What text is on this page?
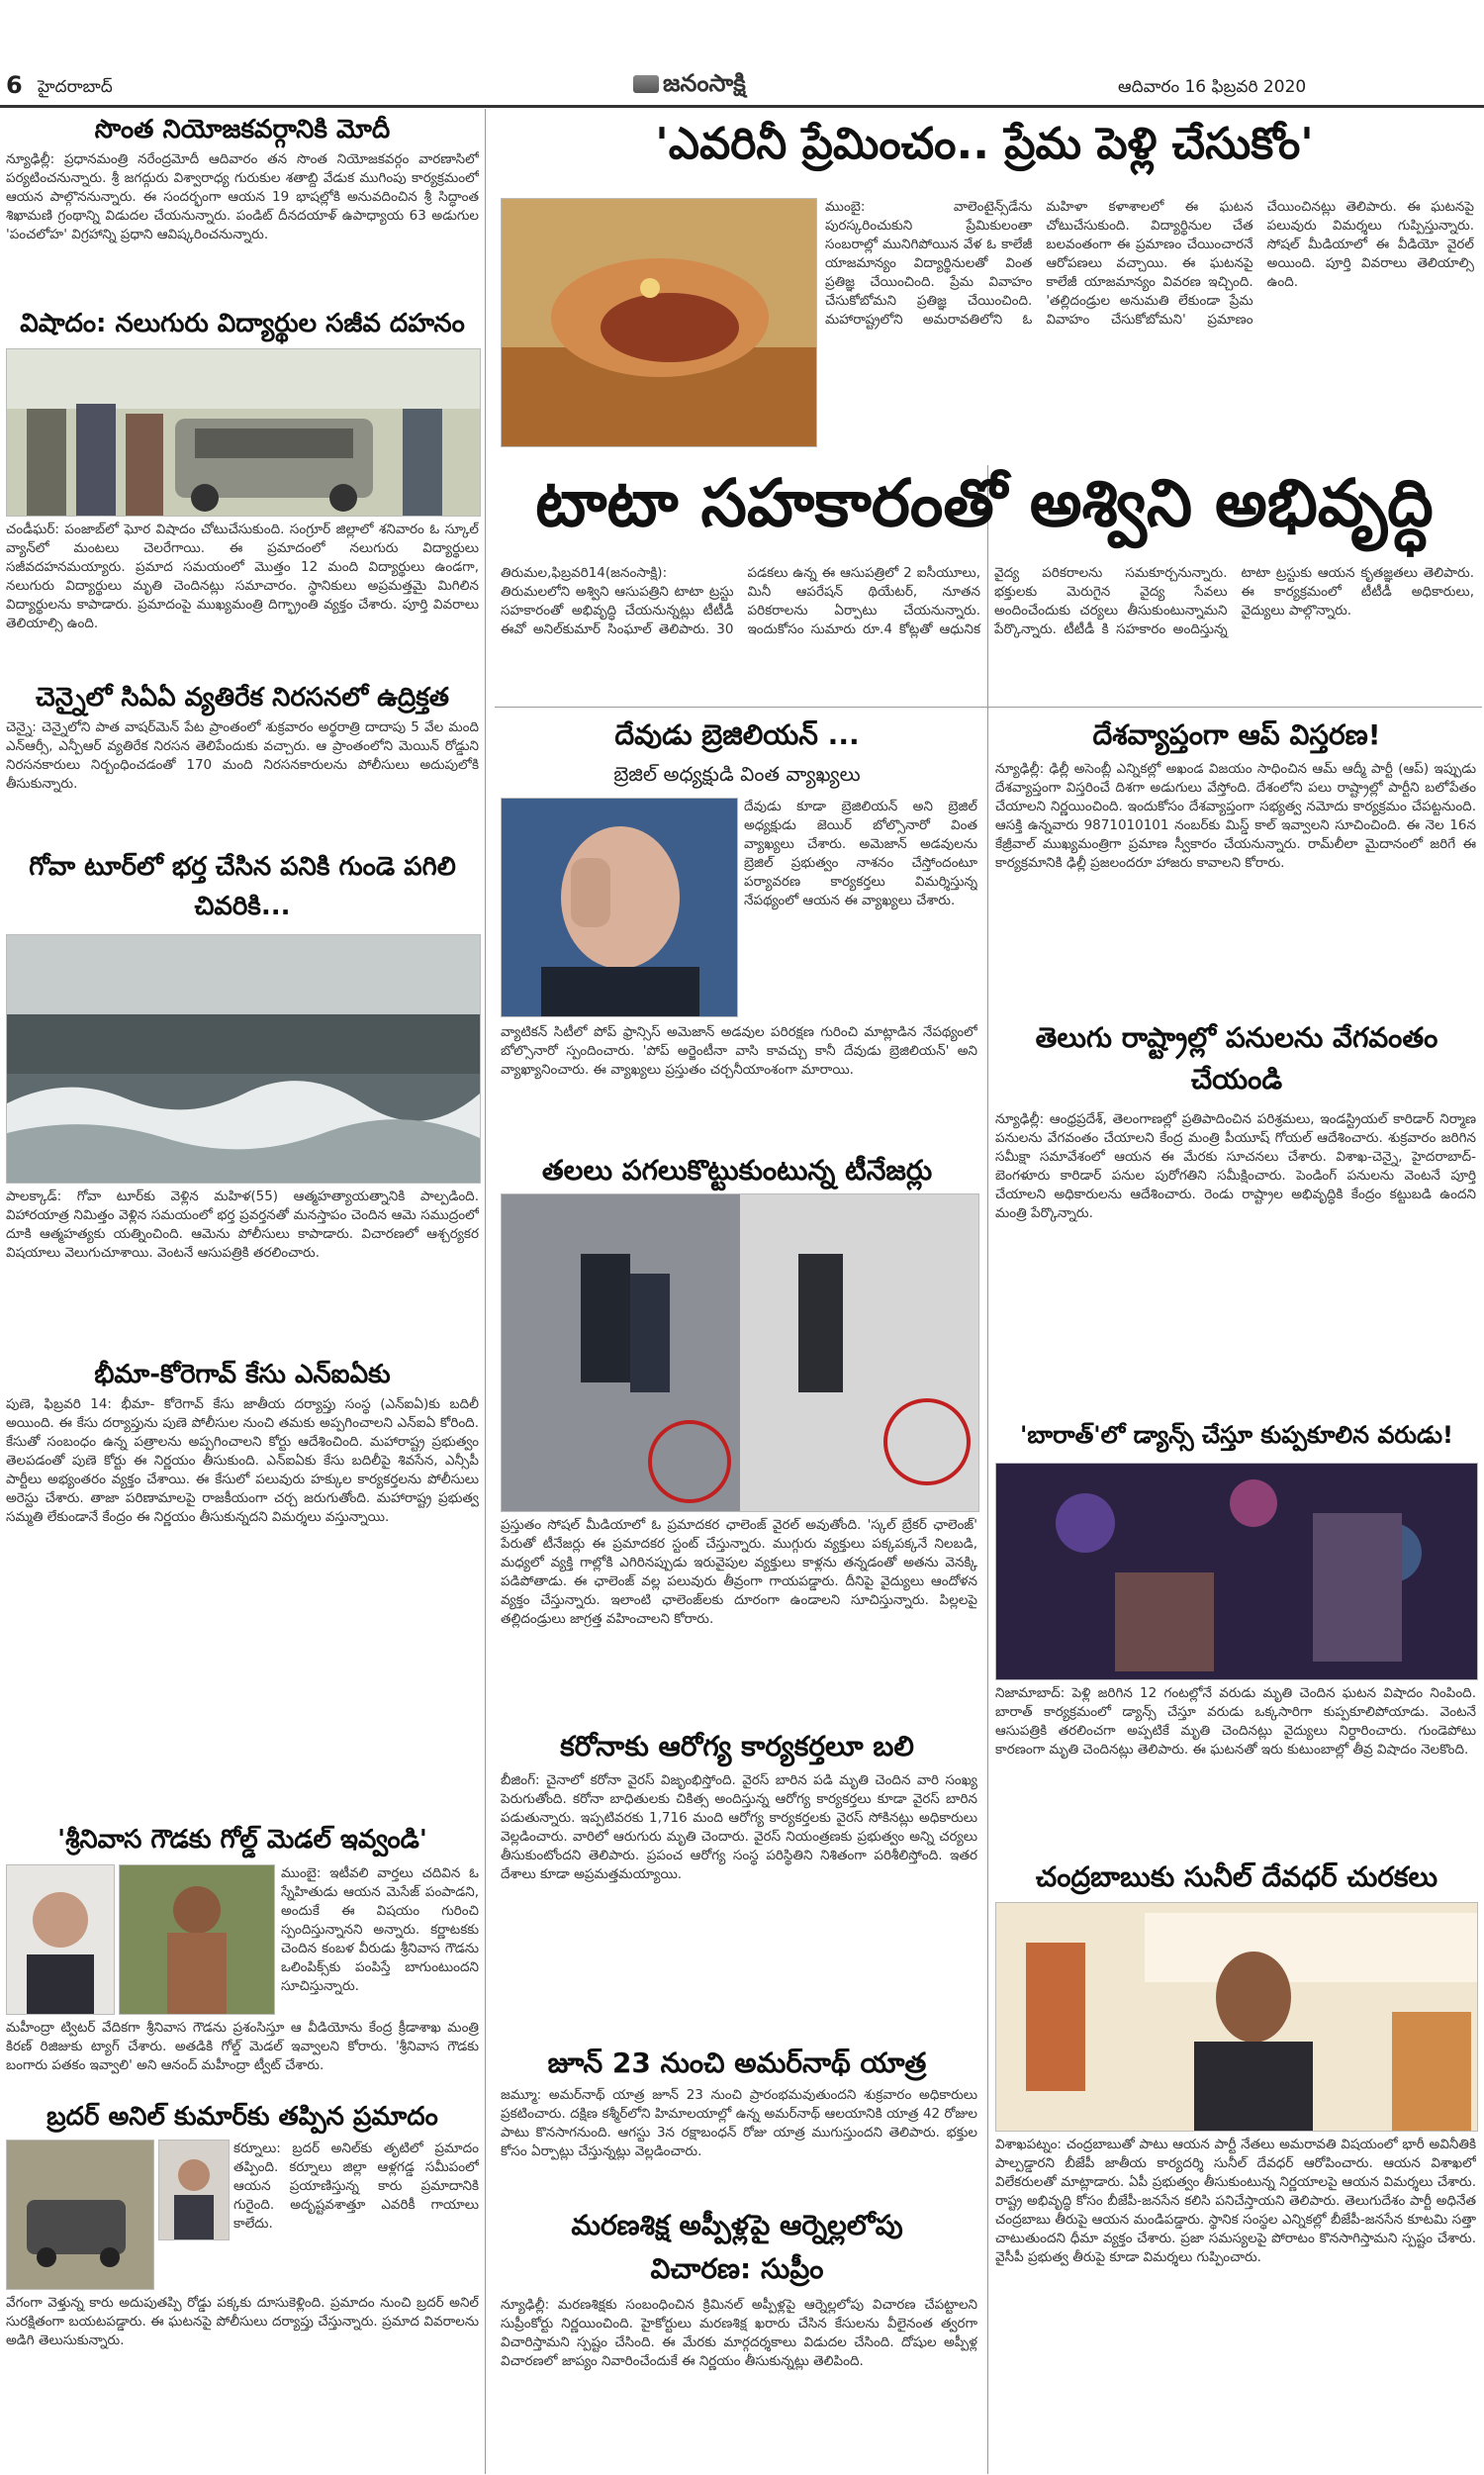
6 హైదరాబాద్	జనంసాక్షి	ఆదివారం 16 ఫిబ్రవరి 2020
సొంత నియోజకవర్గానికి మోదీ
న్యూఢిల్లీ: ప్రధానమంత్రి నరేంద్రమోదీ ఆదివారం తన సొంత నియోజకవర్గం వారణాసిలో పర్యటించనున్నారు. శ్రీ జగద్గురు విశ్వారాధ్య గురుకుల శతాబ్ది వేడుక ముగింపు కార్యక్రమంలో ఆయన పాల్గొననున్నారు. ఈ సందర్భంగా ఆయన 19 భాషల్లోకి అనువదించిన శ్రీ సిద్ధాంత శిఖామణి గ్రంథాన్ని విడుదల చేయనున్నారు. పండిట్ దీనదయాళ్ ఉపాధ్యాయ 63 అడుగుల 'పంచలోహ' విగ్రహాన్ని ప్రధాని ఆవిష్కరించనున్నారు.
విషాదం: నలుగురు విద్యార్థుల సజీవ దహనం
చండీఘర్: పంజాబ్‌లో ఘోర విషాదం చోటుచేసుకుంది. సంగ్రూర్ జిల్లాలో శనివారం ఓ స్కూల్ వ్యాన్‌లో మంటలు చెలరేగాయి. ఈ ప్రమాదంలో నలుగురు విద్యార్థులు సజీవదహనమయ్యారు. ప్రమాద సమయంలో మొత్తం 12 మంది విద్యార్థులు ఉండగా, నలుగురు విద్యార్థులు మృతి చెందినట్లు సమాచారం. స్థానికులు అప్రమత్తమై మిగిలిన విద్యార్థులను కాపాడారు. ప్రమాదంపై ముఖ్యమంత్రి దిగ్భ్రాంతి వ్యక్తం చేశారు. పూర్తి వివరాలు తెలియాల్సి ఉంది.
చెన్నైలో సిఏఏ వ్యతిరేక నిరసనలో ఉద్రిక్తత
చెన్నై: చెన్నైలోని పాత వాషర్‌మెన్ పేట ప్రాంతంలో శుక్రవారం అర్థరాత్రి దాదాపు 5 వేల మంది ఎన్ఆర్సీ, ఎన్పీఆర్ వ్యతిరేక నిరసన తెలిపేందుకు వచ్చారు. ఆ ప్రాంతంలోని మెయిన్ రోడ్డుని నిరసనకారులు నిర్బంధించడంతో 170 మంది నిరసనకారులను పోలీసులు అదుపులోకి తీసుకున్నారు.
గోవా టూర్‌లో భర్త చేసిన పనికి గుండె పగిలి చివరికి...
పాలక్కాడ్: గోవా టూర్‌కు వెళ్లిన మహిళ(55) ఆత్మహత్యాయత్నానికి పాల్పడింది. విహారయాత్ర నిమిత్తం వెళ్లిన సమయంలో భర్త ప్రవర్తనతో మనస్తాపం చెందిన ఆమె సముద్రంలో దూకి ఆత్మహత్యకు యత్నించింది. ఆమెను పోలీసులు కాపాడారు. విచారణలో ఆశ్చర్యకర విషయాలు వెలుగుచూశాయి. వెంటనే ఆసుపత్రికి తరలించారు.
భీమా-కోరెగావ్ కేసు ఎన్ఐఏకు
పుణె, ఫిబ్రవరి 14: భీమా- కోరెగావ్ కేసు జాతీయ దర్యాప్తు సంస్థ (ఎన్ఐఏ)కు బదిలీ అయింది. ఈ కేసు దర్యాప్తును పుణె పోలీసుల నుంచి తమకు అప్పగించాలని ఎన్ఐఏ కోరింది. కేసుతో సంబంధం ఉన్న పత్రాలను అప్పగించాలని కోర్టు ఆదేశించింది. మహారాష్ట్ర ప్రభుత్వం తెలపడంతో పుణె కోర్టు ఈ నిర్ణయం తీసుకుంది. ఎన్ఐఏకు కేసు బదిలీపై శివసేన, ఎన్సీపీ పార్టీలు అభ్యంతరం వ్యక్తం చేశాయి. ఈ కేసులో పలువురు హక్కుల కార్యకర్తలను పోలీసులు అరెస్టు చేశారు. తాజా పరిణామాలపై రాజకీయంగా చర్చ జరుగుతోంది. మహారాష్ట్ర ప్రభుత్వ సమ్మతి లేకుండానే కేంద్రం ఈ నిర్ణయం తీసుకున్నదని విమర్శలు వస్తున్నాయి.
'శ్రీనివాస గౌడకు గోల్డ్ మెడల్ ఇవ్వండి'
ముంబై: ఇటీవలి వార్తలు చదివిన ఓ స్నేహితుడు ఆయన మెసేజ్ పంపాడని, అందుకే ఈ విషయం గురించి స్పందిస్తున్నానని అన్నారు. కర్ణాటకకు చెందిన కంబళ వీరుడు శ్రీనివాస గౌడను ఒలింపిక్స్‌కు పంపిస్తే బాగుంటుందని సూచిస్తున్నారు.
మహీంద్రా ట్విటర్ వేదికగా శ్రీనివాస గౌడను ప్రశంసిస్తూ ఆ వీడియోను కేంద్ర క్రీడాశాఖ మంత్రి కిరణ్ రిజిజుకు ట్యాగ్ చేశారు. అతడికి గోల్డ్ మెడల్ ఇవ్వాలని కోరారు. 'శ్రీనివాస గౌడకు బంగారు పతకం ఇవ్వాలి' అని ఆనంద్ మహీంద్రా ట్వీట్ చేశారు.
బ్రదర్ అనిల్ కుమార్‌కు తప్పిన ప్రమాదం
కర్నూలు: బ్రదర్ అనిల్‌కు తృటిలో ప్రమాదం తప్పింది. కర్నూలు జిల్లా ఆళ్లగడ్డ సమీపంలో ఆయన ప్రయాణిస్తున్న కారు ప్రమాదానికి గురైంది. అదృష్టవశాత్తూ ఎవరికీ గాయాలు కాలేదు.
వేగంగా వెళ్తున్న కారు అదుపుతప్పి రోడ్డు పక్కకు దూసుకెళ్లింది. ప్రమాదం నుంచి బ్రదర్ అనిల్ సురక్షితంగా బయటపడ్డారు. ఈ ఘటనపై పోలీసులు దర్యాప్తు చేస్తున్నారు. ప్రమాద వివరాలను అడిగి తెలుసుకున్నారు.
'ఎవరినీ ప్రేమించం.. ప్రేమ పెళ్లి చేసుకోం'
ముంబై: వాలెంటైన్స్‌డేను పురస్కరించుకుని ప్రేమికులంతా సంబరాల్లో మునిగిపోయిన వేళ ఓ కాలేజీ యాజమాన్యం విద్యార్థినులతో వింత ప్రతిజ్ఞ చేయించింది. ప్రేమ వివాహం చేసుకోబోమని ప్రతిజ్ఞ చేయించింది. మహారాష్ట్రలోని అమరావతిలోని ఓ మహిళా కళాశాలలో ఈ ఘటన చోటుచేసుకుంది. విద్యార్థినుల చేత బలవంతంగా ఈ ప్రమాణం చేయించారనే ఆరోపణలు వచ్చాయి. ఈ ఘటనపై కాలేజీ యాజమాన్యం వివరణ ఇచ్చింది. 'తల్లిదండ్రుల అనుమతి లేకుండా ప్రేమ వివాహం చేసుకోబోమని' ప్రమాణం చేయించినట్లు తెలిపారు. ఈ ఘటనపై పలువురు విమర్శలు గుప్పిస్తున్నారు. సోషల్ మీడియాలో ఈ వీడియో వైరల్ అయింది. పూర్తి వివరాలు తెలియాల్సి ఉంది.
టాటా సహకారంతో అశ్విని అభివృద్ధి
తిరుమల,ఫిబ్రవరి14(జనంసాక్షి): తిరుమలలోని అశ్విని ఆసుపత్రిని టాటా ట్రస్టు సహకారంతో అభివృద్ధి చేయనున్నట్లు టీటీడీ ఈవో అనిల్‌కుమార్ సింఘాల్ తెలిపారు. 30 పడకలు ఉన్న ఈ ఆసుపత్రిలో 2 ఐసీయూలు, మినీ ఆపరేషన్ థియేటర్, నూతన పరికరాలను ఏర్పాటు చేయనున్నారు. ఇందుకోసం సుమారు రూ.4 కోట్లతో ఆధునిక వైద్య పరికరాలను సమకూర్చనున్నారు. భక్తులకు మెరుగైన వైద్య సేవలు అందించేందుకు చర్యలు తీసుకుంటున్నామని పేర్కొన్నారు. టీటీడీ కి సహకారం అందిస్తున్న టాటా ట్రస్టుకు ఆయన కృతజ్ఞతలు తెలిపారు. ఈ కార్యక్రమంలో టీటీడీ అధికారులు, వైద్యులు పాల్గొన్నారు.
దేవుడు బ్రెజిలియన్ ...
బ్రెజిల్ అధ్యక్షుడి వింత వ్యాఖ్యలు
దేవుడు కూడా బ్రెజిలియన్ అని బ్రెజిల్ అధ్యక్షుడు జెయిర్ బోల్సొనారో వింత వ్యాఖ్యలు చేశారు. అమెజాన్ అడవులను బ్రెజిల్ ప్రభుత్వం నాశనం చేస్తోందంటూ పర్యావరణ కార్యకర్తలు విమర్శిస్తున్న నేపథ్యంలో ఆయన ఈ వ్యాఖ్యలు చేశారు.
వ్యాటికన్ సిటీలో పోప్ ఫ్రాన్సిస్ అమెజాన్ అడవుల పరిరక్షణ గురించి మాట్లాడిన నేపథ్యంలో బోల్సొనారో స్పందించారు. 'పోప్ అర్జెంటీనా వాసి కావచ్చు కానీ దేవుడు బ్రెజిలియన్' అని వ్యాఖ్యానించారు. ఈ వ్యాఖ్యలు ప్రస్తుతం చర్చనీయాంశంగా మారాయి.
తలలు పగలుకొట్టుకుంటున్న టీనేజర్లు
ప్రస్తుతం సోషల్ మీడియాలో ఓ ప్రమాదకర ఛాలెంజ్ వైరల్ అవుతోంది. 'స్కల్ బ్రేకర్ ఛాలెంజ్' పేరుతో టీనేజర్లు ఈ ప్రమాదకర స్టంట్ చేస్తున్నారు. ముగ్గురు వ్యక్తులు పక్కపక్కనే నిలబడి, మధ్యలో వ్యక్తి గాల్లోకి ఎగిరినప్పుడు ఇరువైపుల వ్యక్తులు కాళ్లను తన్నడంతో అతను వెనక్కి పడిపోతాడు. ఈ ఛాలెంజ్ వల్ల పలువురు తీవ్రంగా గాయపడ్డారు. దీనిపై వైద్యులు ఆందోళన వ్యక్తం చేస్తున్నారు. ఇలాంటి ఛాలెంజ్‌లకు దూరంగా ఉండాలని సూచిస్తున్నారు. పిల్లలపై తల్లిదండ్రులు జాగ్రత్త వహించాలని కోరారు.
కరోనాకు ఆరోగ్య కార్యకర్తలూ బలి
బీజింగ్: చైనాలో కరోనా వైరస్ విజృంభిస్తోంది. వైరస్ బారిన పడి మృతి చెందిన వారి సంఖ్య పెరుగుతోంది. కరోనా బాధితులకు చికిత్స అందిస్తున్న ఆరోగ్య కార్యకర్తలు కూడా వైరస్ బారిన పడుతున్నారు. ఇప్పటివరకు 1,716 మంది ఆరోగ్య కార్యకర్తలకు వైరస్ సోకినట్లు అధికారులు వెల్లడించారు. వారిలో ఆరుగురు మృతి చెందారు. వైరస్ నియంత్రణకు ప్రభుత్వం అన్ని చర్యలు తీసుకుంటోందని తెలిపారు. ప్రపంచ ఆరోగ్య సంస్థ పరిస్థితిని నిశితంగా పరిశీలిస్తోంది. ఇతర దేశాలు కూడా అప్రమత్తమయ్యాయి.
జూన్ 23 నుంచి అమర్‌నాథ్ యాత్ర
జమ్మూ: అమర్‌నాథ్ యాత్ర జూన్ 23 నుంచి ప్రారంభమవుతుందని శుక్రవారం అధికారులు ప్రకటించారు. దక్షిణ కశ్మీర్‌లోని హిమాలయాల్లో ఉన్న అమర్‌నాథ్ ఆలయానికి యాత్ర 42 రోజుల పాటు కొనసాగనుంది. ఆగస్టు 3న రక్షాబంధన్ రోజు యాత్ర ముగుస్తుందని తెలిపారు. భక్తుల కోసం ఏర్పాట్లు చేస్తున్నట్లు వెల్లడించారు.
మరణశిక్ష అప్పీళ్లపై ఆర్నెల్లలోపు
విచారణ: సుప్రీం
న్యూఢిల్లీ: మరణశిక్షకు సంబంధించిన క్రిమినల్ అప్పీళ్లపై ఆర్నెల్లలోపు విచారణ చేపట్టాలని సుప్రీంకోర్టు నిర్ణయించింది. హైకోర్టులు మరణశిక్ష ఖరారు చేసిన కేసులను వీలైనంత త్వరగా విచారిస్తామని స్పష్టం చేసింది. ఈ మేరకు మార్గదర్శకాలు విడుదల చేసింది. దోషుల అప్పీళ్ల విచారణలో జాప్యం నివారించేందుకే ఈ నిర్ణయం తీసుకున్నట్లు తెలిపింది.
దేశవ్యాప్తంగా ఆప్ విస్తరణ!
న్యూఢిల్లీ: ఢిల్లీ అసెంబ్లీ ఎన్నికల్లో అఖండ విజయం సాధించిన ఆమ్ ఆద్మీ పార్టీ (ఆప్) ఇప్పుడు దేశవ్యాప్తంగా విస్తరించే దిశగా అడుగులు వేస్తోంది. దేశంలోని పలు రాష్ట్రాల్లో పార్టీని బలోపేతం చేయాలని నిర్ణయించింది. ఇందుకోసం దేశవ్యాప్తంగా సభ్యత్వ నమోదు కార్యక్రమం చేపట్టనుంది. ఆసక్తి ఉన్నవారు 9871010101 నంబర్‌కు మిస్డ్ కాల్ ఇవ్వాలని సూచించింది. ఈ నెల 16న కేజ్రీవాల్ ముఖ్యమంత్రిగా ప్రమాణ స్వీకారం చేయనున్నారు. రామ్‌లీలా మైదానంలో జరిగే ఈ కార్యక్రమానికి ఢిల్లీ ప్రజలందరూ హాజరు కావాలని కోరారు.
తెలుగు రాష్ట్రాల్లో పనులను వేగవంతం చేయండి
న్యూఢిల్లీ: ఆంధ్రప్రదేశ్, తెలంగాణల్లో ప్రతిపాదించిన పరిశ్రమలు, ఇండస్ట్రియల్ కారిడార్ నిర్మాణ పనులను వేగవంతం చేయాలని కేంద్ర మంత్రి పీయూష్ గోయల్ ఆదేశించారు. శుక్రవారం జరిగిన సమీక్షా సమావేశంలో ఆయన ఈ మేరకు సూచనలు చేశారు. విశాఖ-చెన్నై, హైదరాబాద్-బెంగళూరు కారిడార్ పనుల పురోగతిని సమీక్షించారు. పెండింగ్ పనులను వెంటనే పూర్తి చేయాలని అధికారులను ఆదేశించారు. రెండు రాష్ట్రాల అభివృద్ధికి కేంద్రం కట్టుబడి ఉందని మంత్రి పేర్కొన్నారు.
'బారాత్'లో డ్యాన్స్ చేస్తూ కుప్పకూలిన వరుడు!
నిజామాబాద్: పెళ్లి జరిగిన 12 గంటల్లోనే వరుడు మృతి చెందిన ఘటన విషాదం నింపింది. బారాత్ కార్యక్రమంలో డ్యాన్స్ చేస్తూ వరుడు ఒక్కసారిగా కుప్పకూలిపోయాడు. వెంటనే ఆసుపత్రికి తరలించగా అప్పటికే మృతి చెందినట్లు వైద్యులు నిర్ధారించారు. గుండెపోటు కారణంగా మృతి చెందినట్లు తెలిపారు. ఈ ఘటనతో ఇరు కుటుంబాల్లో తీవ్ర విషాదం నెలకొంది.
చంద్రబాబుకు సునీల్ దేవధర్ చురకలు
విశాఖపట్నం: చంద్రబాబుతో పాటు ఆయన పార్టీ నేతలు అమరావతి విషయంలో భారీ అవినీతికి పాల్పడ్డారని బీజేపీ జాతీయ కార్యదర్శి సునీల్ దేవధర్ ఆరోపించారు. ఆయన విశాఖలో విలేకరులతో మాట్లాడారు. ఏపీ ప్రభుత్వం తీసుకుంటున్న నిర్ణయాలపై ఆయన విమర్శలు చేశారు. రాష్ట్ర అభివృద్ధి కోసం బీజేపీ-జనసేన కలిసి పనిచేస్తాయని తెలిపారు. తెలుగుదేశం పార్టీ అధినేత చంద్రబాబు తీరుపై ఆయన మండిపడ్డారు. స్థానిక సంస్థల ఎన్నికల్లో బీజేపీ-జనసేన కూటమి సత్తా చాటుతుందని ధీమా వ్యక్తం చేశారు. ప్రజా సమస్యలపై పోరాటం కొనసాగిస్తామని స్పష్టం చేశారు. వైసీపీ ప్రభుత్వ తీరుపై కూడా విమర్శలు గుప్పించారు.
